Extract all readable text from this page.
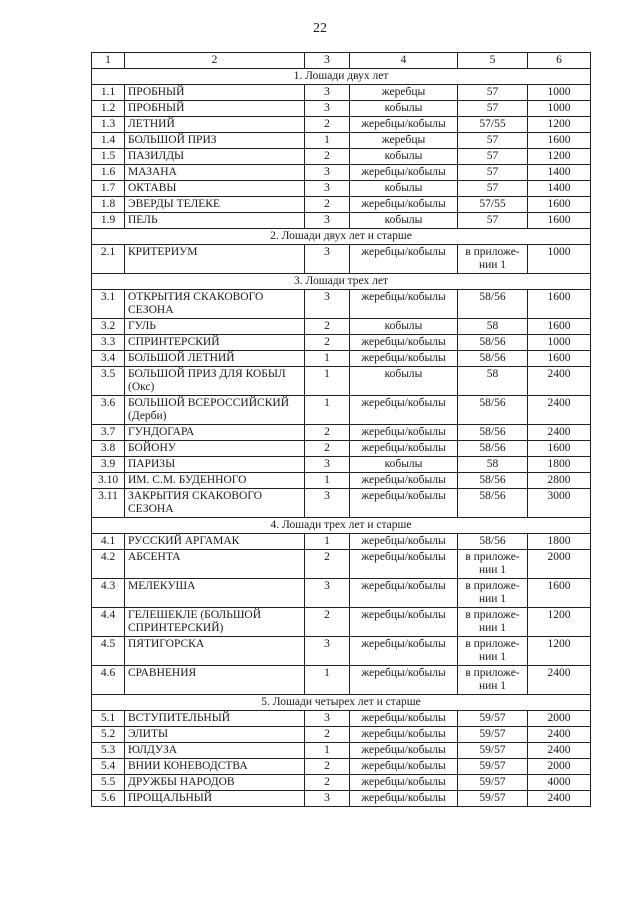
22
1	2	3	4	5	6
1. Лошади двух лет					
1.1	ПРОБНЫЙ	3	жеребцы	57	1000
1.2	ПРОБНЫЙ	3	кобылы	57	1000
1.3	ЛЕТНИЙ	2	жеребцы/кобылы	57/55	1200
1.4	БОЛЬШОЙ ПРИЗ	1	жеребцы	57	1600
1.5	ПАЗИЛДЫ	2	кобылы	57	1200
1.6	МАЗАНА	3	жеребцы/кобылы	57	1400
1.7	ОКТАВЫ	3	кобылы	57	1400
1.8	ЭВЕРДЫ ТЕЛЕКЕ	2	жеребцы/кобылы	57/55	1600
1.9	ПЕЛЬ	3	кобылы	57	1600
2. Лошади двух лет и старше					
2.1	КРИТЕРИУМ	3	жеребцы/кобылы	в приложе-нии 1	1000
3. Лошади трех лет					
3.1	ОТКРЫТИЯ СКАКОВОГО СЕЗОНА	3	жеребцы/кобылы	58/56	1600
3.2	ГУЛЬ	2	кобылы	58	1600
3.3	СПРИНТЕРСКИЙ	2	жеребцы/кобылы	58/56	1000
3.4	БОЛЬШОЙ ЛЕТНИЙ	1	жеребцы/кобылы	58/56	1600
3.5	БОЛЬШОЙ ПРИЗ ДЛЯ КОБЫЛ (Окс)	1	кобылы	58	2400
3.6	БОЛЬШОЙ ВСЕРОССИЙСКИЙ (Дерби)	1	жеребцы/кобылы	58/56	2400
3.7	ГУНДОГАРА	2	жеребцы/кобылы	58/56	2400
3.8	БОЙОНУ	2	жеребцы/кобылы	58/56	1600
3.9	ПАРИЗЫ	3	кобылы	58	1800
3.10	ИМ. С.М. БУДЕННОГО	1	жеребцы/кобылы	58/56	2800
3.11	ЗАКРЫТИЯ СКАКОВОГО СЕЗОНА	3	жеребцы/кобылы	58/56	3000
4. Лошади трех лет и старше					
4.1	РУССКИЙ АРГАМАК	1	жеребцы/кобылы	58/56	1800
4.2	АБСЕНТА	2	жеребцы/кобылы	в приложе-нии 1	2000
4.3	МЕЛЕКУША	3	жеребцы/кобылы	в приложе-нии 1	1600
4.4	ГЕЛЕШЕКЛЕ (БОЛЬШОЙ СПРИНТЕРСКИЙ)	2	жеребцы/кобылы	в приложе-нии 1	1200
4.5	ПЯТИГОРСКА	3	жеребцы/кобылы	в приложе-нии 1	1200
4.6	СРАВНЕНИЯ	1	жеребцы/кобылы	в приложе-нин 1	2400
5. Лошади четырех лет и старше					
5.1	ВСТУПИТЕЛЬНЫЙ	3	жеребцы/кобылы	59/57	2000
5.2	ЭЛИТЫ	2	жеребцы/кобылы	59/57	2400
5.3	ЮЛДУЗА	1	жеребцы/кобылы	59/57	2400
5.4	ВНИИ КОНЕВОДСТВА	2	жеребцы/кобылы	59/57	2000
5.5	ДРУЖБЫ НАРОДОВ	2	жеребцы/кобылы	59/57	4000
5.6	ПРОЩАЛЬНЫЙ	3	жеребцы/кобылы	59/57	2400
